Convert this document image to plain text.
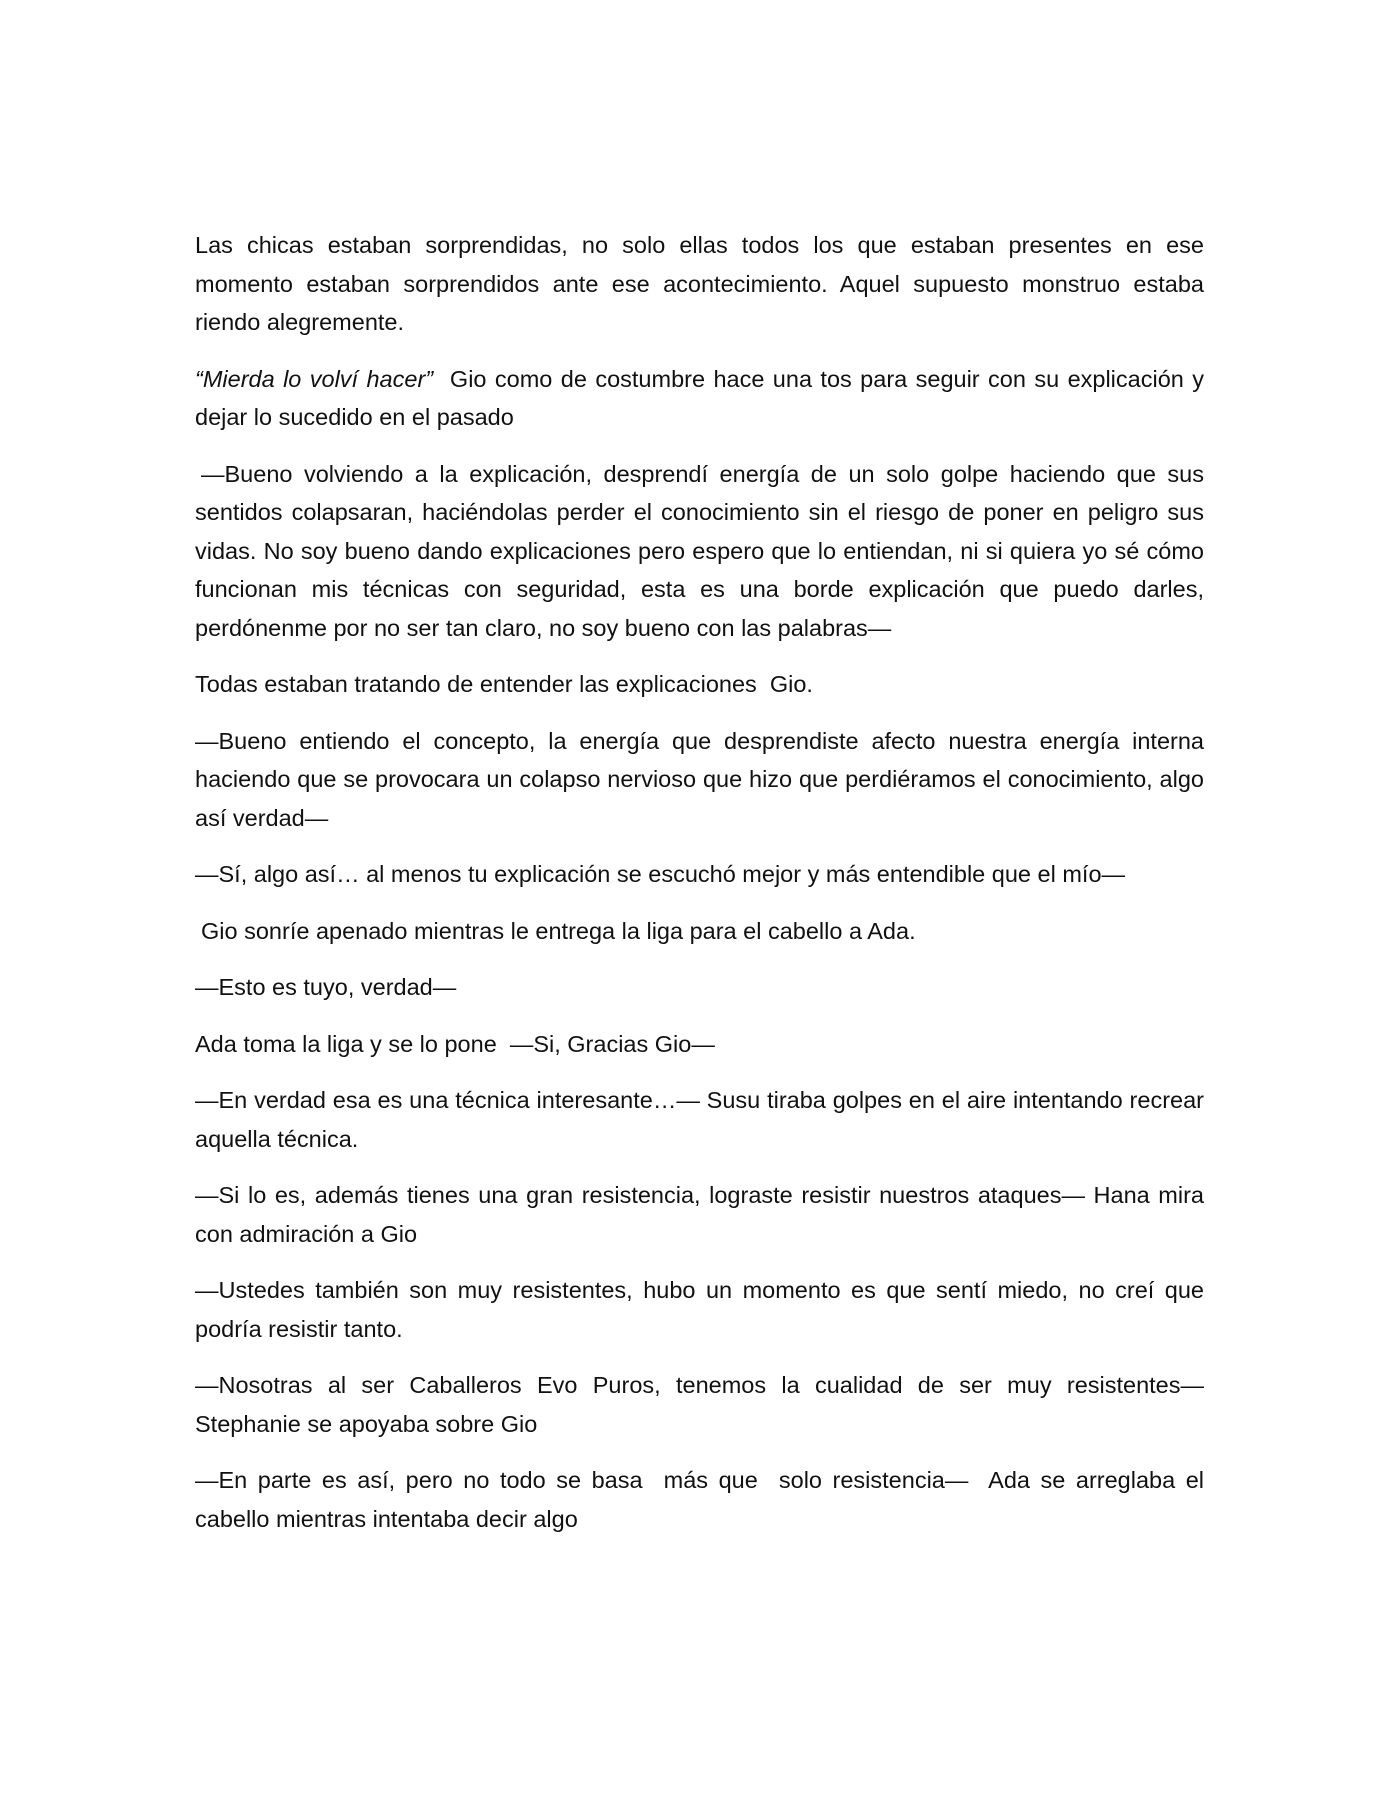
Las chicas estaban sorprendidas, no solo ellas todos los que estaban presentes en ese momento estaban sorprendidos ante ese acontecimiento. Aquel supuesto monstruo estaba riendo alegremente.

“Mierda lo volví hacer”  Gio como de costumbre hace una tos para seguir con su explicación y dejar lo sucedido en el pasado

—Bueno volviendo a la explicación, desprendí energía de un solo golpe haciendo que sus sentidos colapsaran, haciéndolas perder el conocimiento sin el riesgo de poner en peligro sus vidas. No soy bueno dando explicaciones pero espero que lo entiendan, ni si quiera yo sé cómo funcionan mis técnicas con seguridad, esta es una borde explicación que puedo darles, perdónenme por no ser tan claro, no soy bueno con las palabras—

Todas estaban tratando de entender las explicaciones  Gio.

—Bueno entiendo el concepto, la energía que desprendiste afecto nuestra energía interna haciendo que se provocara un colapso nervioso que hizo que perdiéramos el conocimiento, algo así verdad—

—Sí, algo así… al menos tu explicación se escuchó mejor y más entendible que el mío—

Gio sonríe apenado mientras le entrega la liga para el cabello a Ada.

—Esto es tuyo, verdad—

Ada toma la liga y se lo pone  —Si, Gracias Gio—

—En verdad esa es una técnica interesante…— Susu tiraba golpes en el aire intentando recrear aquella técnica.

—Si lo es, además tienes una gran resistencia, lograste resistir nuestros ataques— Hana mira con admiración a Gio

—Ustedes también son muy resistentes, hubo un momento es que sentí miedo, no creí que podría resistir tanto.

—Nosotras al ser Caballeros Evo Puros, tenemos la cualidad de ser muy resistentes— Stephanie se apoyaba sobre Gio

—En parte es así, pero no todo se basa  más que  solo resistencia—  Ada se arreglaba el cabello mientras intentaba decir algo
